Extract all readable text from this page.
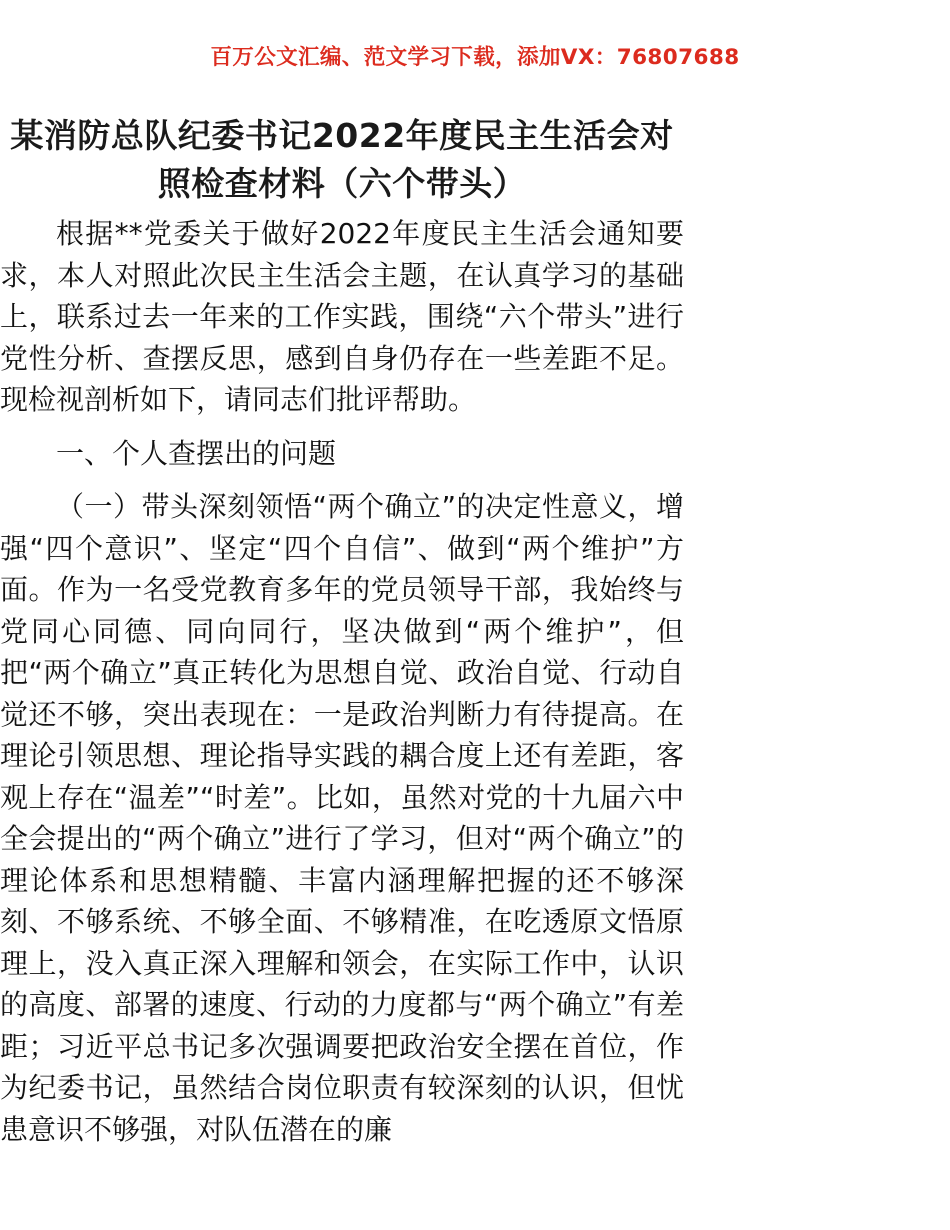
百万公文汇编、范文学习下载，添加VX：76807688
某消防总队纪委书记2022年度民主生活会对照检查材料（六个带头）

根据**党委关于做好2022年度民主生活会通知要求，本人对照此次民主生活会主题，在认真学习的基础上，联系过去一年来的工作实践，围绕“六个带头”进行党性分析、查摆反思，感到自身仍存在一些差距不足。现检视剖析如下，请同志们批评帮助。

一、个人查摆出的问题

（一）带头深刻领悟“两个确立”的决定性意义，增强“四个意识”、坚定“四个自信”、做到“两个维护”方面。作为一名受党教育多年的党员领导干部，我始终与党同心同德、同向同行，坚决做到“两个维护”，但把“两个确立”真正转化为思想自觉、政治自觉、行动自觉还不够，突出表现在：一是政治判断力有待提高。在理论引领思想、理论指导实践的耦合度上还有差距，客观上存在“温差”“时差”。比如，虽然对党的十九届六中全会提出的“两个确立”进行了学习，但对“两个确立”的理论体系和思想精髓、丰富内涵理解把握的还不够深刻、不够系统、不够全面、不够精准，在吃透原文悟原理上，没入真正深入理解和领会，在实际工作中，认识的高度、部署的速度、行动的力度都与“两个确立”有差距；习近平总书记多次强调要把政治安全摆在首位，作为纪委书记，虽然结合岗位职责有较深刻的认识，但忧患意识不够强，对队伍潜在的廉
